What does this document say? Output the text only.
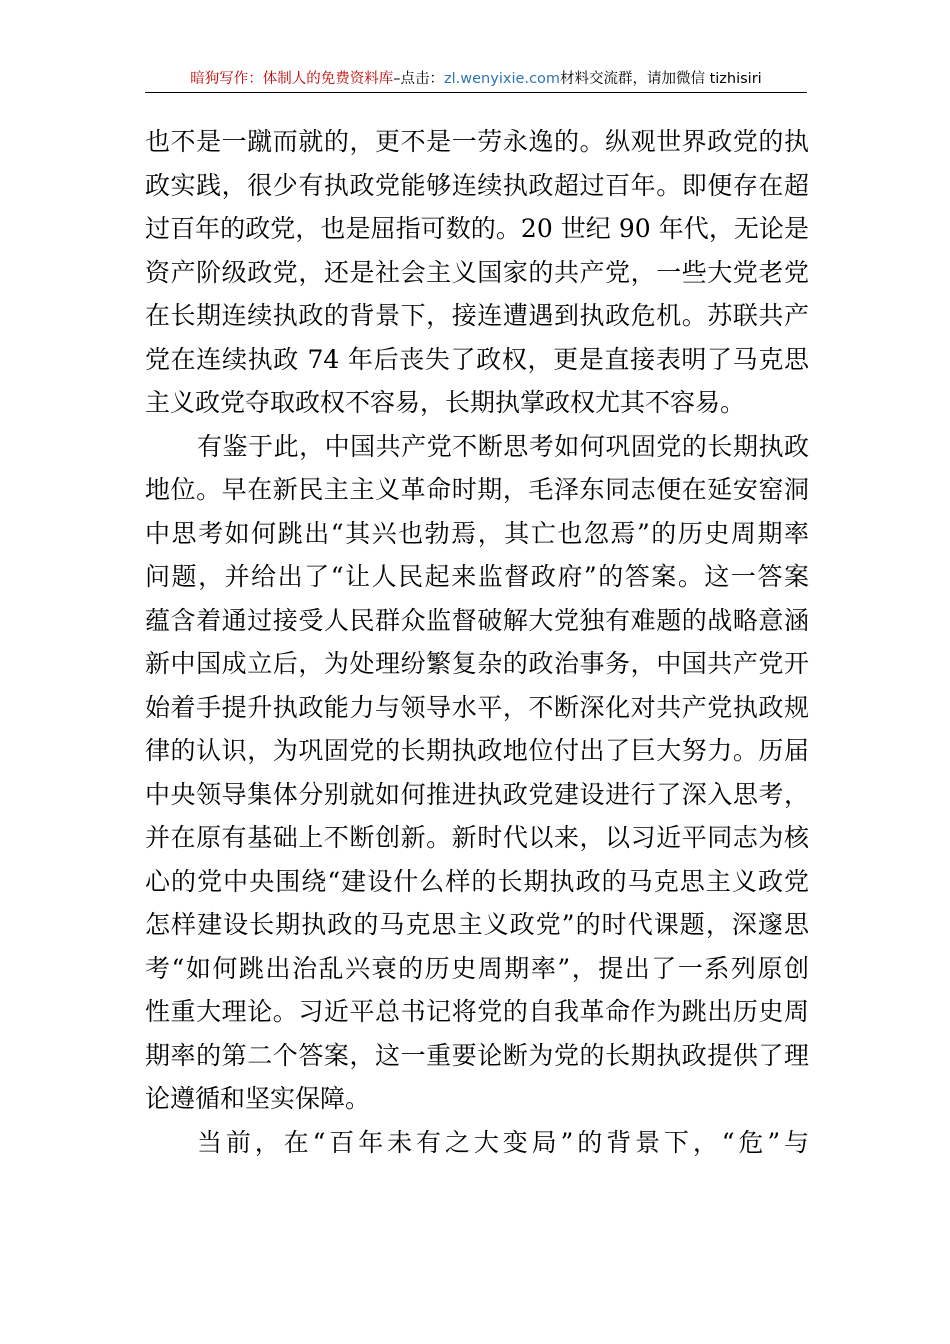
暗狗写作：体制人的免费资料库–点击：zl.wenyixie.com材料交流群，请加微信 tizhisiri
也不是一蹴而就的，更不是一劳永逸的。纵观世界政党的执
政实践，很少有执政党能够连续执政超过百年。即便存在超
过百年的政党，也是屈指可数的。20 世纪 90 年代，无论是
资产阶级政党，还是社会主义国家的共产党，一些大党老党
在长期连续执政的背景下，接连遭遇到执政危机。苏联共产
党在连续执政 74 年后丧失了政权，更是直接表明了马克思
主义政党夺取政权不容易，长期执掌政权尤其不容易。
有鉴于此，中国共产党不断思考如何巩固党的长期执政
地位。早在新民主主义革命时期，毛泽东同志便在延安窑洞
中思考如何跳出“其兴也勃焉，其亡也忽焉”的历史周期率
问题，并给出了“让人民起来监督政府”的答案。这一答案
蕴含着通过接受人民群众监督破解大党独有难题的战略意涵
新中国成立后，为处理纷繁复杂的政治事务，中国共产党开
始着手提升执政能力与领导水平，不断深化对共产党执政规
律的认识，为巩固党的长期执政地位付出了巨大努力。历届
中央领导集体分别就如何推进执政党建设进行了深入思考，
并在原有基础上不断创新。新时代以来，以习近平同志为核
心的党中央围绕“建设什么样的长期执政的马克思主义政党
怎样建设长期执政的马克思主义政党”的时代课题，深邃思
考“如何跳出治乱兴衰的历史周期率”，提出了一系列原创
性重大理论。习近平总书记将党的自我革命作为跳出历史周
期率的第二个答案，这一重要论断为党的长期执政提供了理
论遵循和坚实保障。
当前，在“百年未有之大变局”的背景下，“危”与
